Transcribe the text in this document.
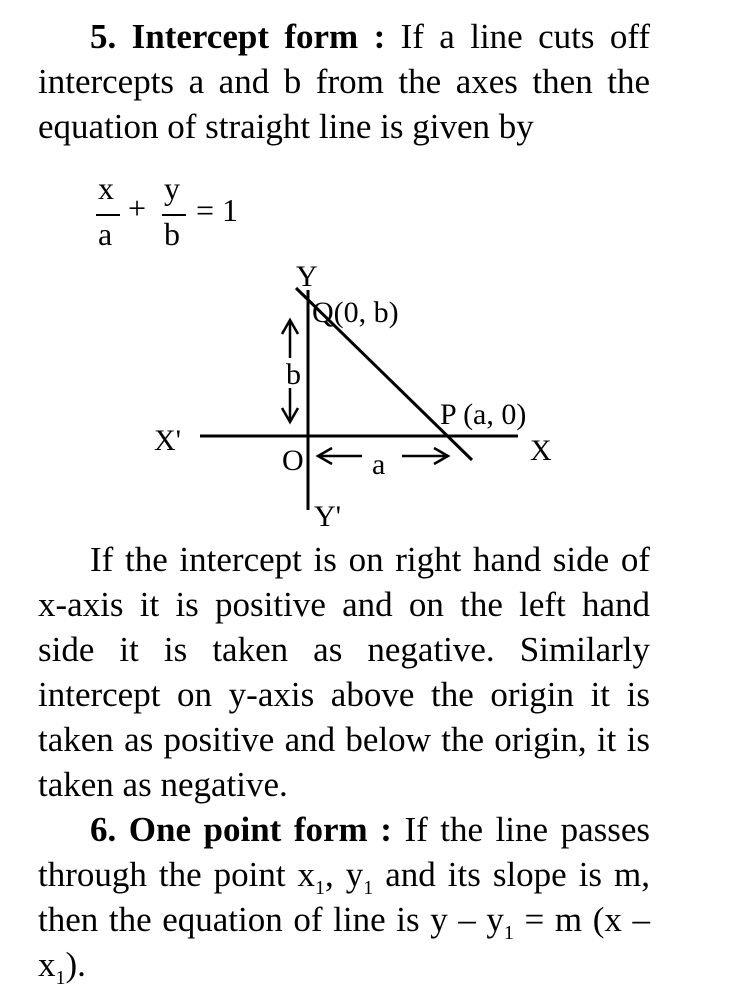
5. Intercept form : If a line cuts off intercepts a and b from the axes then the equation of straight line is given by
x
a
+
y
b
= 1
Y
Q(0, b)
b
P (a, 0)
X'	X
O a
Y'
If the intercept is on right hand side of x-axis it is positive and on the left hand side it is taken as negative. Similarly intercept on y-axis above the origin it is taken as positive and below the origin, it is taken as negative.
6. One point form : If the line passes through the point $x_1$, $y_1$ and its slope is m, then the equation of line is $y - y_1 = m$ $(x - x_1)$.
